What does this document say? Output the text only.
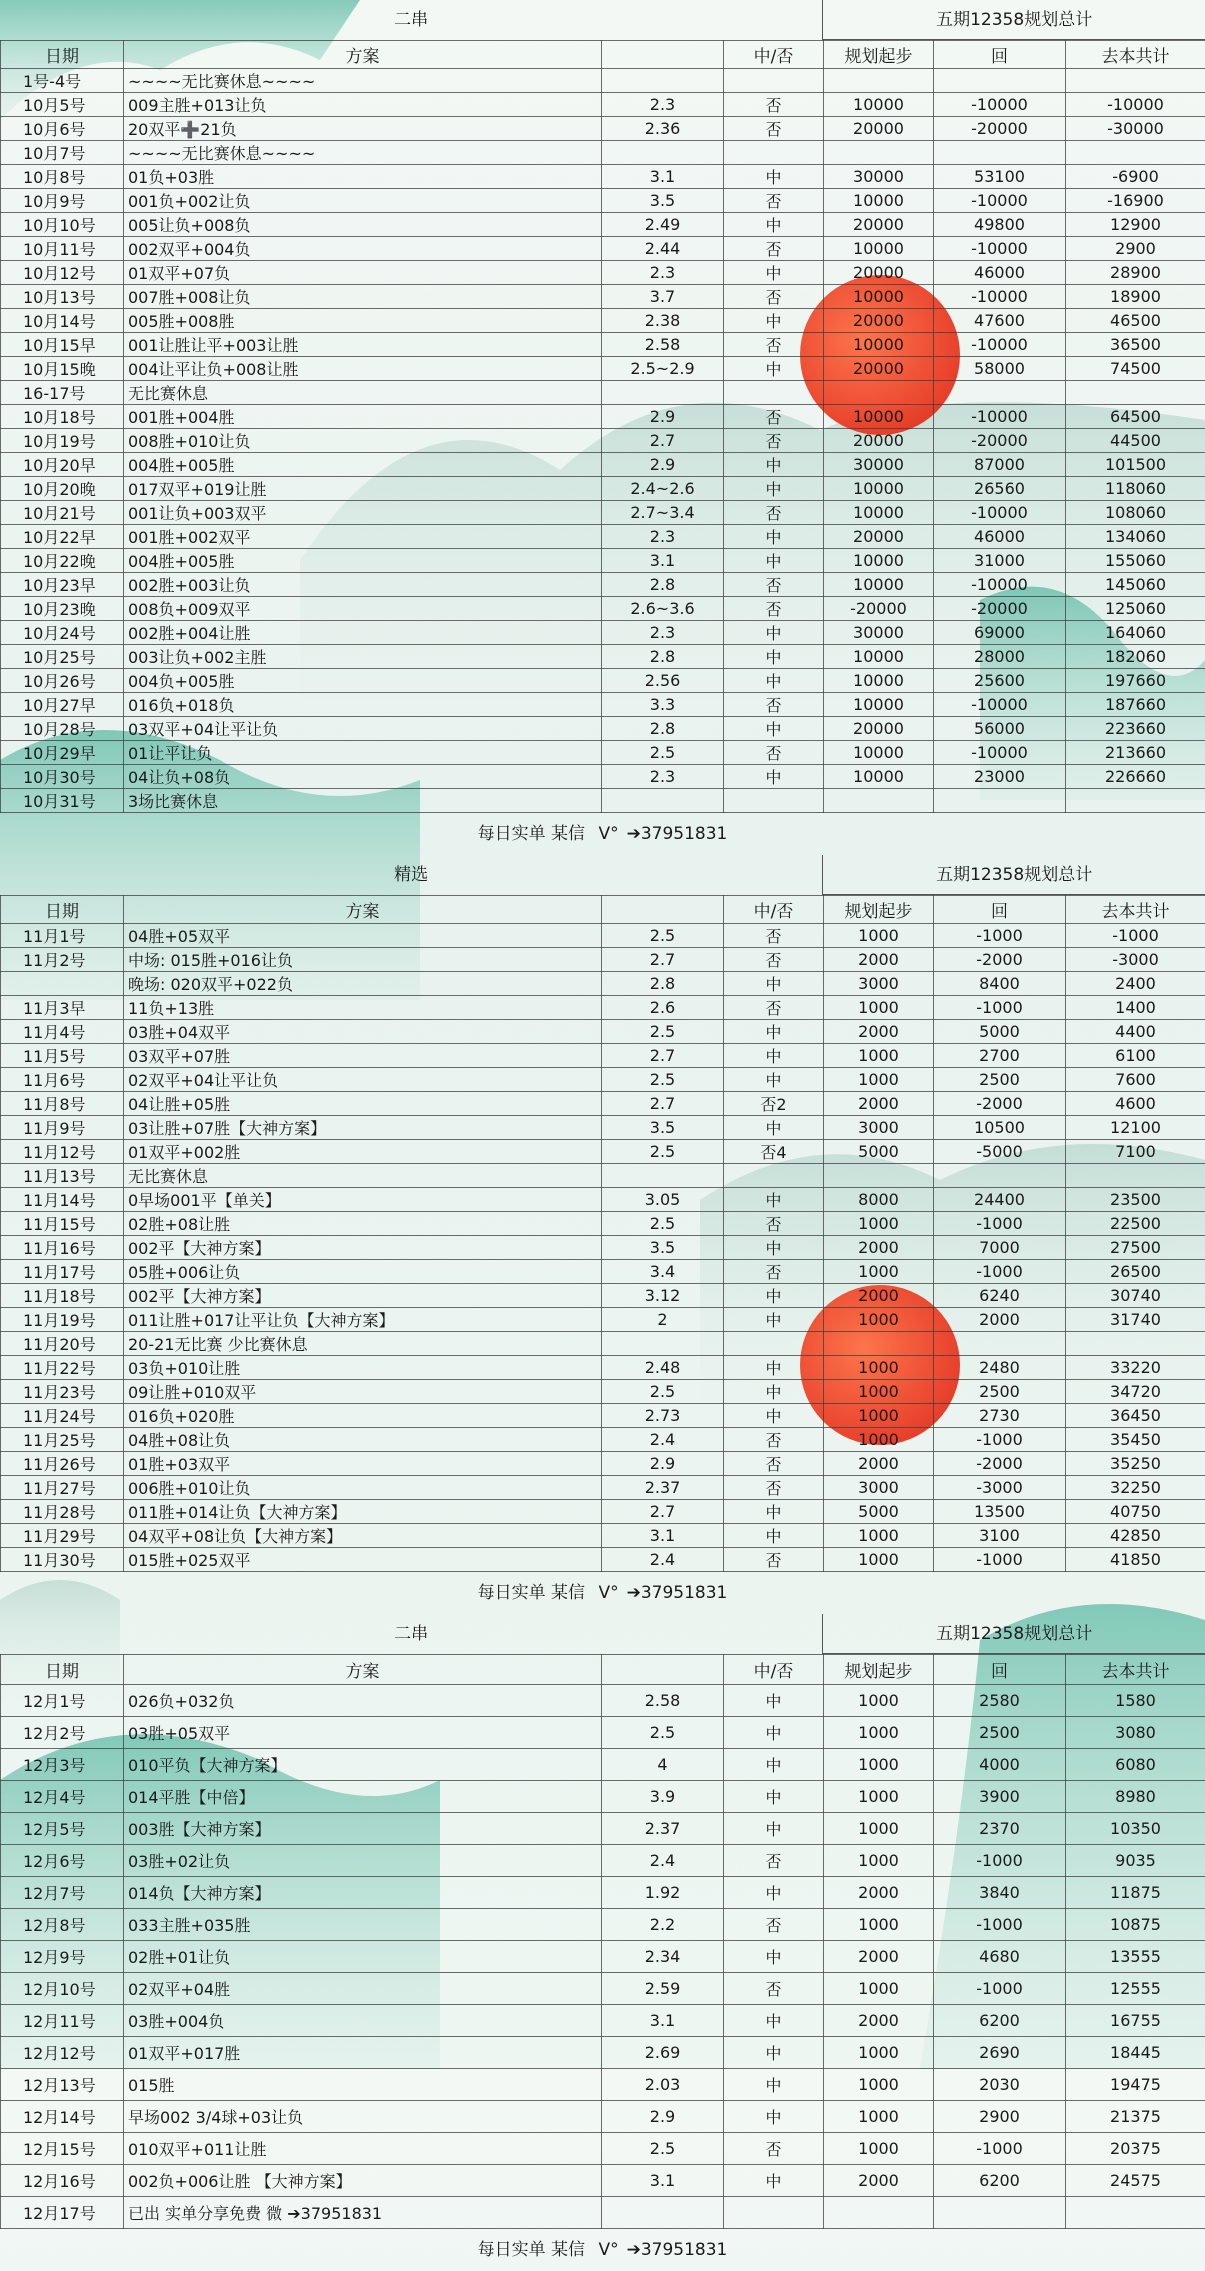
二串	五期12358规划总计
日期	方案		中/否	规划起步	回	去本共计
1号-4号	~~~~无比赛休息~~~~					
10月5号	009主胜+013让负	2.3	否	10000	-10000	-10000
10月6号	20双平➕21负	2.36	否	20000	-20000	-30000
10月7号	~~~~无比赛休息~~~~					
10月8号	01负+03胜	3.1	中	30000	53100	-6900
10月9号	001负+002让负	3.5	否	10000	-10000	-16900
10月10号	005让负+008负	2.49	中	20000	49800	12900
10月11号	002双平+004负	2.44	否	10000	-10000	2900
10月12号	01双平+07负	2.3	中	20000	46000	28900
10月13号	007胜+008让负	3.7	否	10000	-10000	18900
10月14号	005胜+008胜	2.38	中	20000	47600	46500
10月15早	001让胜让平+003让胜	2.58	否	10000	-10000	36500
10月15晚	004让平让负+008让胜	2.5~2.9	中	20000	58000	74500
16-17号	无比赛休息					
10月18号	001胜+004胜	2.9	否	10000	-10000	64500
10月19号	008胜+010让负	2.7	否	20000	-20000	44500
10月20早	004胜+005胜	2.9	中	30000	87000	101500
10月20晚	017双平+019让胜	2.4~2.6	中	10000	26560	118060
10月21号	001让负+003双平	2.7~3.4	否	10000	-10000	108060
10月22早	001胜+002双平	2.3	中	20000	46000	134060
10月22晚	004胜+005胜	3.1	中	10000	31000	155060
10月23早	002胜+003让负	2.8	否	10000	-10000	145060
10月23晚	008负+009双平	2.6~3.6	否	-20000	-20000	125060
10月24号	002胜+004让胜	2.3	中	30000	69000	164060
10月25号	003让负+002主胜	2.8	中	10000	28000	182060
10月26号	004负+005胜	2.56	中	10000	25600	197660
10月27早	016负+018负	3.3	否	10000	-10000	187660
10月28号	03双平+04让平让负	2.8	中	20000	56000	223660
10月29早	01让平让负	2.5	否	10000	-10000	213660
10月30号	04让负+08负	2.3	中	10000	23000	226660
10月31号	3场比赛休息					
每日实单 某信 V° ➔37951831
精选	五期12358规划总计
日期	方案		中/否	规划起步	回	去本共计
11月1号	04胜+05双平	2.5	否	1000	-1000	-1000
11月2号	中场: 015胜+016让负	2.7	否	2000	-2000	-3000
	晚场: 020双平+022负	2.8	中	3000	8400	2400
11月3早	11负+13胜	2.6	否	1000	-1000	1400
11月4号	03胜+04双平	2.5	中	2000	5000	4400
11月5号	03双平+07胜	2.7	中	1000	2700	6100
11月6号	02双平+04让平让负	2.5	中	1000	2500	7600
11月8号	04让胜+05胜	2.7	否2	2000	-2000	4600
11月9号	03让胜+07胜【大神方案】	3.5	中	3000	10500	12100
11月12号	01双平+002胜	2.5	否4	5000	-5000	7100
11月13号	无比赛休息					
11月14号	0早场001平【单关】	3.05	中	8000	24400	23500
11月15号	02胜+08让胜	2.5	否	1000	-1000	22500
11月16号	002平【大神方案】	3.5	中	2000	7000	27500
11月17号	05胜+006让负	3.4	否	1000	-1000	26500
11月18号	002平【大神方案】	3.12	中	2000	6240	30740
11月19号	011让胜+017让平让负【大神方案】	2	中	1000	2000	31740
11月20号	20-21无比赛 少比赛休息					
11月22号	03负+010让胜	2.48	中	1000	2480	33220
11月23号	09让胜+010双平	2.5	中	1000	2500	34720
11月24号	016负+020胜	2.73	中	1000	2730	36450
11月25号	04胜+08让负	2.4	否	1000	-1000	35450
11月26号	01胜+03双平	2.9	否	2000	-2000	35250
11月27号	006胜+010让负	2.37	否	3000	-3000	32250
11月28号	011胜+014让负【大神方案】	2.7	中	5000	13500	40750
11月29号	04双平+08让负【大神方案】	3.1	中	1000	3100	42850
11月30号	015胜+025双平	2.4	否	1000	-1000	41850
每日实单 某信 V° ➔37951831
二串	五期12358规划总计
日期	方案		中/否	规划起步	回	去本共计
12月1号	026负+032负	2.58	中	1000	2580	1580
12月2号	03胜+05双平	2.5	中	1000	2500	3080
12月3号	010平负【大神方案】	4	中	1000	4000	6080
12月4号	014平胜【中倍】	3.9	中	1000	3900	8980
12月5号	003胜【大神方案】	2.37	中	1000	2370	10350
12月6号	03胜+02让负	2.4	否	1000	-1000	9035
12月7号	014负【大神方案】	1.92	中	2000	3840	11875
12月8号	033主胜+035胜	2.2	否	1000	-1000	10875
12月9号	02胜+01让负	2.34	中	2000	4680	13555
12月10号	02双平+04胜	2.59	否	1000	-1000	12555
12月11号	03胜+004负	3.1	中	2000	6200	16755
12月12号	01双平+017胜	2.69	中	1000	2690	18445
12月13号	015胜	2.03	中	1000	2030	19475
12月14号	早场002 3/4球+03让负	2.9	中	1000	2900	21375
12月15号	010双平+011让胜	2.5	否	1000	-1000	20375
12月16号	002负+006让胜 【大神方案】	3.1	中	2000	6200	24575
12月17号	已出 实单分享免费 微 ➔37951831					
每日实单 某信 V° ➔37951831
